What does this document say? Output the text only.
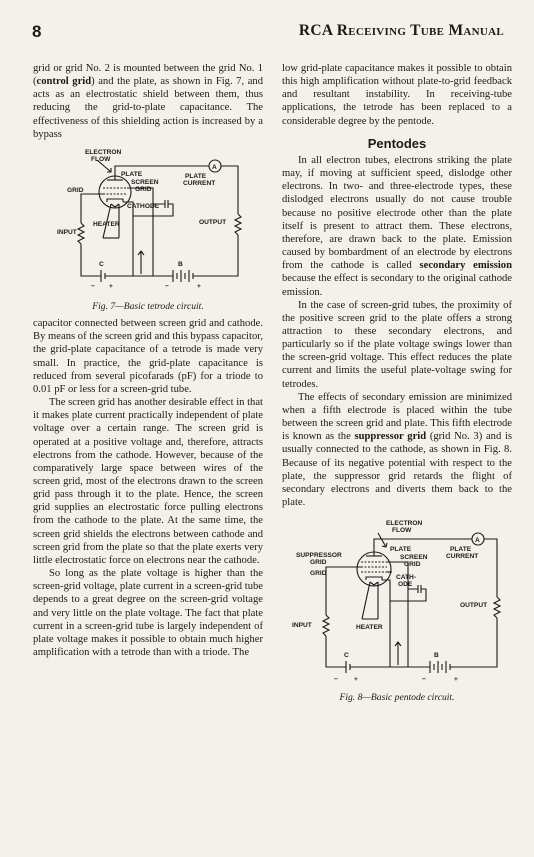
8	RCA Receiving Tube Manual

grid or grid No. 2 is mounted between the grid No. 1 (control grid) and the plate, as shown in Fig. 7, and acts as an electrostatic shield between them, thus reducing the grid-to-plate capacitance. The effectiveness of this shielding action is increased by a bypass

ELECTRON
FLOW
A
PLATE	PLATE
CURRENT
GRID
SCREEN
GRID
CATHODE
OUTPUT
INPUT
HEATER
C	B
− +	−	+
Fig. 7—Basic tetrode circuit.

capacitor connected between screen grid and cathode. By means of the screen grid and this bypass capacitor, the grid-plate capacitance of a tetrode is made very small. In practice, the grid-plate capacitance is reduced from several picofarads (pF) for a triode to 0.01 pF or less for a screen-grid tube.

The screen grid has another desirable effect in that it makes plate current practically independent of plate voltage over a certain range. The screen grid is operated at a positive voltage and, therefore, attracts electrons from the cathode. However, because of the comparatively large space between wires of the screen grid, most of the electrons drawn to the screen grid pass through it to the plate. Hence, the screen grid supplies an electrostatic force pulling electrons from the cathode to the plate. At the same time, the screen grid shields the electrons between cathode and screen grid from the plate so that the plate exerts very little electrostatic force on electrons near the cathode.

So long as the plate voltage is higher than the screen-grid voltage, plate current in a screen-grid tube depends to a great degree on the screen-grid voltage and very little on the plate voltage. The fact that plate current in a screen-grid tube is largely independent of plate voltage makes it possible to obtain much higher amplification with a tetrode than with a triode. The

low grid-plate capacitance makes it possible to obtain this high amplification without plate-to-grid feedback and resultant instability. In receiving-tube applications, the tetrode has been replaced to a considerable degree by the pentode.

Pentodes

In all electron tubes, electrons striking the plate may, if moving at sufficient speed, dislodge other electrons. In two- and three-electrode types, these dislodged electrons usually do not cause trouble because no positive electrode other than the plate itself is present to attract them. These electrons, therefore, are drawn back to the plate. Emission caused by bombardment of an electrode by electrons from the cathode is called secondary emission because the effect is secondary to the original cathode emission.

In the case of screen-grid tubes, the proximity of the positive screen grid to the plate offers a strong attraction to these secondary electrons, and particularly so if the plate voltage swings lower than the screen-grid voltage. This effect reduces the plate current and limits the useful plate-voltage swing for tetrodes.

The effects of secondary emission are minimized when a fifth electrode is placed within the tube between the screen grid and plate. This fifth electrode is known as the suppressor grid (grid No. 3) and is usually connected to the cathode, as shown in Fig. 8. Because of its negative potential with respect to the plate, the suppressor grid retards the flight of secondary electrons and diverts them back to the plate.

ELECTRON
FLOW
A
PLATE	PLATE
CURRENT
SUPPRESSOR
GRID
SCREEN
GRID
GRID
CATH-
ODE
OUTPUT
HEATER
INPUT
C	B
− +	−	+
Fig. 8—Basic pentode circuit.
